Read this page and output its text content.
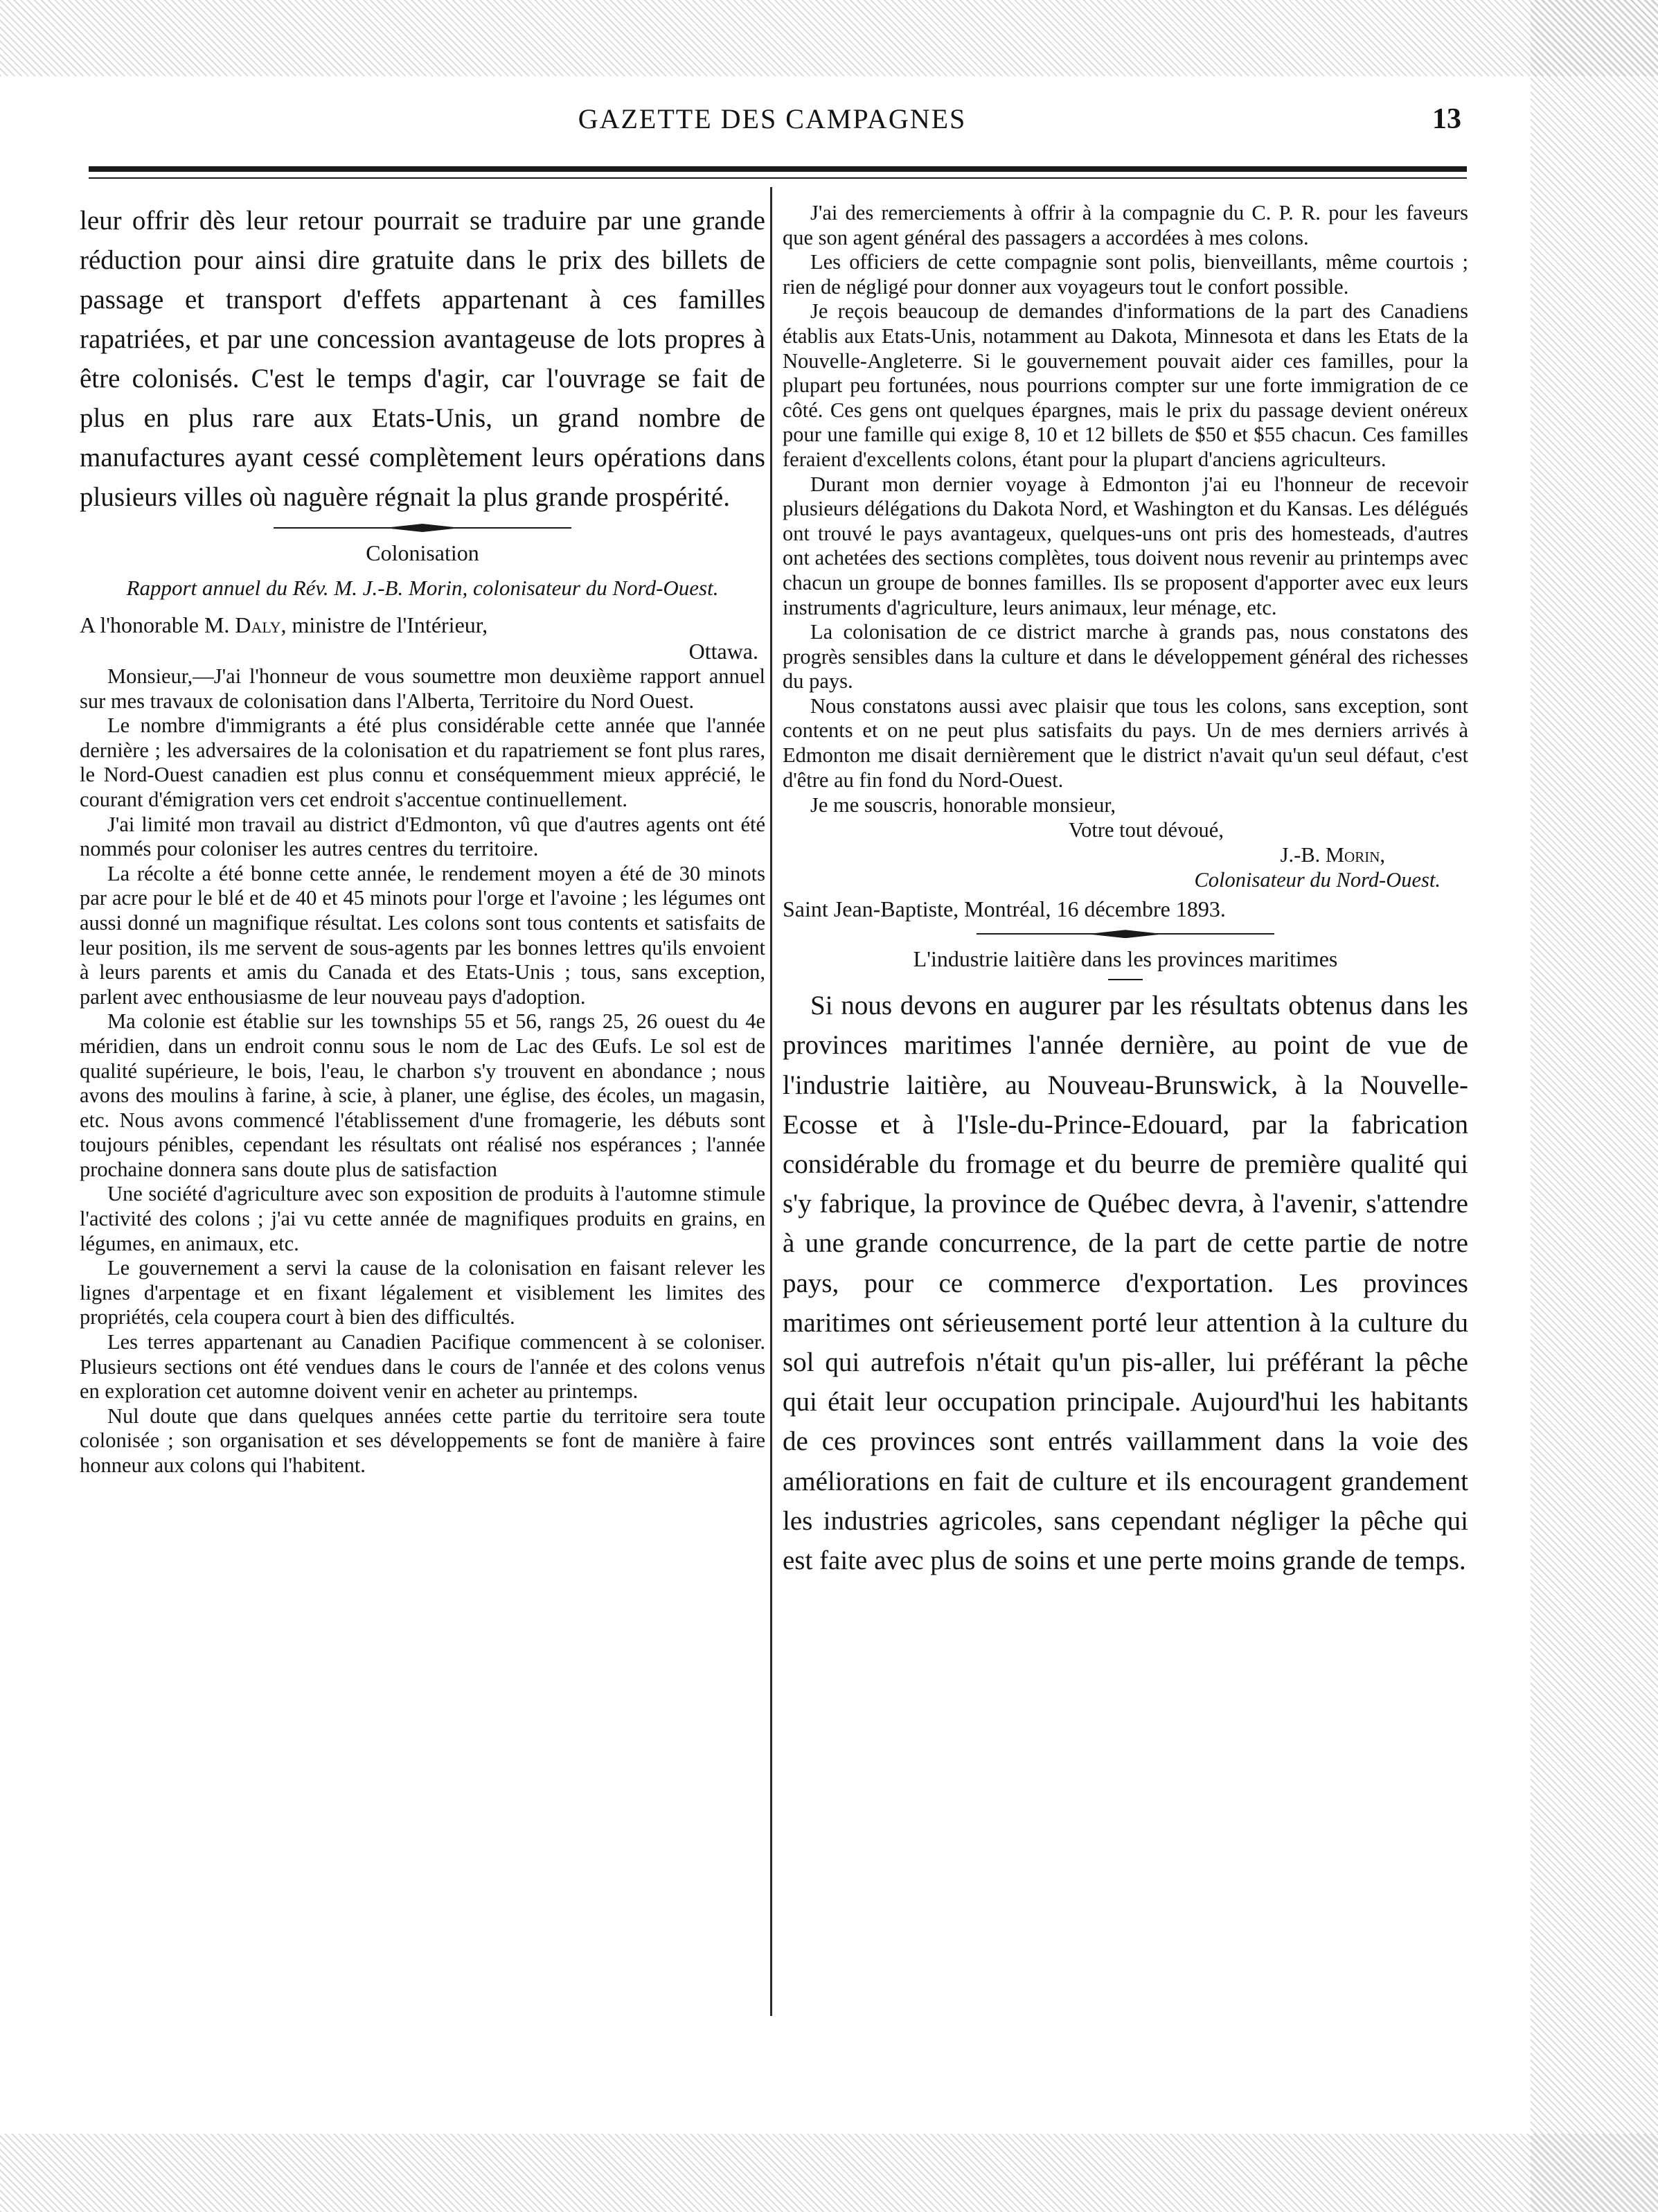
GAZETTE DES CAMPAGNES	13

leur offrir dès leur retour pourrait se traduire par une grande réduction pour ainsi dire gratuite dans le prix des billets de passage et transport d'effets appartenant à ces familles rapatriées, et par une concession avantageuse de lots propres à être colonisés. C'est le temps d'agir, car l'ouvrage se fait de plus en plus rare aux Etats-Unis, un grand nombre de manufactures ayant cessé complètement leurs opérations dans plusieurs villes où naguère régnait la plus grande prospérité.

Colonisation
Rapport annuel du Rév. M. J.-B. Morin, colonisateur du Nord-Ouest.
A l'honorable M. Daly, ministre de l'Intérieur,
Ottawa.

Monsieur,—J'ai l'honneur de vous soumettre mon deuxième rapport annuel sur mes travaux de colonisation dans l'Alberta, Territoire du Nord Ouest.

Le nombre d'immigrants a été plus considérable cette année que l'année dernière ; les adversaires de la colonisation et du rapatriement se font plus rares, le Nord-Ouest canadien est plus connu et conséquemment mieux apprécié, le courant d'émigration vers cet endroit s'accentue continuellement.

J'ai limité mon travail au district d'Edmonton, vû que d'autres agents ont été nommés pour coloniser les autres centres du territoire.

La récolte a été bonne cette année, le rendement moyen a été de 30 minots par acre pour le blé et de 40 et 45 minots pour l'orge et l'avoine ; les légumes ont aussi donné un magnifique résultat. Les colons sont tous contents et satisfaits de leur position, ils me servent de sous-agents par les bonnes lettres qu'ils envoient à leurs parents et amis du Canada et des Etats-Unis ; tous, sans exception, parlent avec enthousiasme de leur nouveau pays d'adoption.

Ma colonie est établie sur les townships 55 et 56, rangs 25, 26 ouest du 4e méridien, dans un endroit connu sous le nom de Lac des Œufs. Le sol est de qualité supérieure, le bois, l'eau, le charbon s'y trouvent en abondance ; nous avons des moulins à farine, à scie, à planer, une église, des écoles, un magasin, etc. Nous avons commencé l'établissement d'une fromagerie, les débuts sont toujours pénibles, cependant les résultats ont réalisé nos espérances ; l'année prochaine donnera sans doute plus de satisfaction

Une société d'agriculture avec son exposition de produits à l'automne stimule l'activité des colons ; j'ai vu cette année de magnifiques produits en grains, en légumes, en animaux, etc.

Le gouvernement a servi la cause de la colonisation en faisant relever les lignes d'arpentage et en fixant légalement et visiblement les limites des propriétés, cela coupera court à bien des difficultés.

Les terres appartenant au Canadien Pacifique commencent à se coloniser. Plusieurs sections ont été vendues dans le cours de l'année et des colons venus en exploration cet automne doivent venir en acheter au printemps.

Nul doute que dans quelques années cette partie du territoire sera toute colonisée ; son organisation et ses développements se font de manière à faire honneur aux colons qui l'habitent.

J'ai des remerciements à offrir à la compagnie du C. P. R. pour les faveurs que son agent général des passagers a accordées à mes colons.

Les officiers de cette compagnie sont polis, bienveillants, même courtois ; rien de négligé pour donner aux voyageurs tout le confort possible.

Je reçois beaucoup de demandes d'informations de la part des Canadiens établis aux Etats-Unis, notamment au Dakota, Minnesota et dans les Etats de la Nouvelle-Angleterre. Si le gouvernement pouvait aider ces familles, pour la plupart peu fortunées, nous pourrions compter sur une forte immigration de ce côté. Ces gens ont quelques épargnes, mais le prix du passage devient onéreux pour une famille qui exige 8, 10 et 12 billets de $50 et $55 chacun. Ces familles feraient d'excellents colons, étant pour la plupart d'anciens agriculteurs.

Durant mon dernier voyage à Edmonton j'ai eu l'honneur de recevoir plusieurs délégations du Dakota Nord, et Washington et du Kansas. Les délégués ont trouvé le pays avantageux, quelques-uns ont pris des homesteads, d'autres ont achetées des sections complètes, tous doivent nous revenir au printemps avec chacun un groupe de bonnes familles. Ils se proposent d'apporter avec eux leurs instruments d'agriculture, leurs animaux, leur ménage, etc.

La colonisation de ce district marche à grands pas, nous constatons des progrès sensibles dans la culture et dans le développement général des richesses du pays.

Nous constatons aussi avec plaisir que tous les colons, sans exception, sont contents et on ne peut plus satisfaits du pays. Un de mes derniers arrivés à Edmonton me disait dernièrement que le district n'avait qu'un seul défaut, c'est d'être au fin fond du Nord-Ouest.

Je me souscris, honorable monsieur,
Votre tout dévoué,
J.-B. Morin,
Colonisateur du Nord-Ouest.
Saint Jean-Baptiste, Montréal, 16 décembre 1893.
L'industrie laitière dans les provinces maritimes

Si nous devons en augurer par les résultats obtenus dans les provinces maritimes l'année dernière, au point de vue de l'industrie laitière, au Nouveau-Brunswick, à la Nouvelle-Ecosse et à l'Isle-du-Prince-Edouard, par la fabrication considérable du fromage et du beurre de première qualité qui s'y fabrique, la province de Québec devra, à l'avenir, s'attendre à une grande concurrence, de la part de cette partie de notre pays, pour ce commerce d'exportation. Les provinces maritimes ont sérieusement porté leur attention à la culture du sol qui autrefois n'était qu'un pis-aller, lui préférant la pêche qui était leur occupation principale. Aujourd'hui les habitants de ces provinces sont entrés vaillamment dans la voie des améliorations en fait de culture et ils encouragent grandement les industries agricoles, sans cependant négliger la pêche qui est faite avec plus de soins et une perte moins grande de temps.
